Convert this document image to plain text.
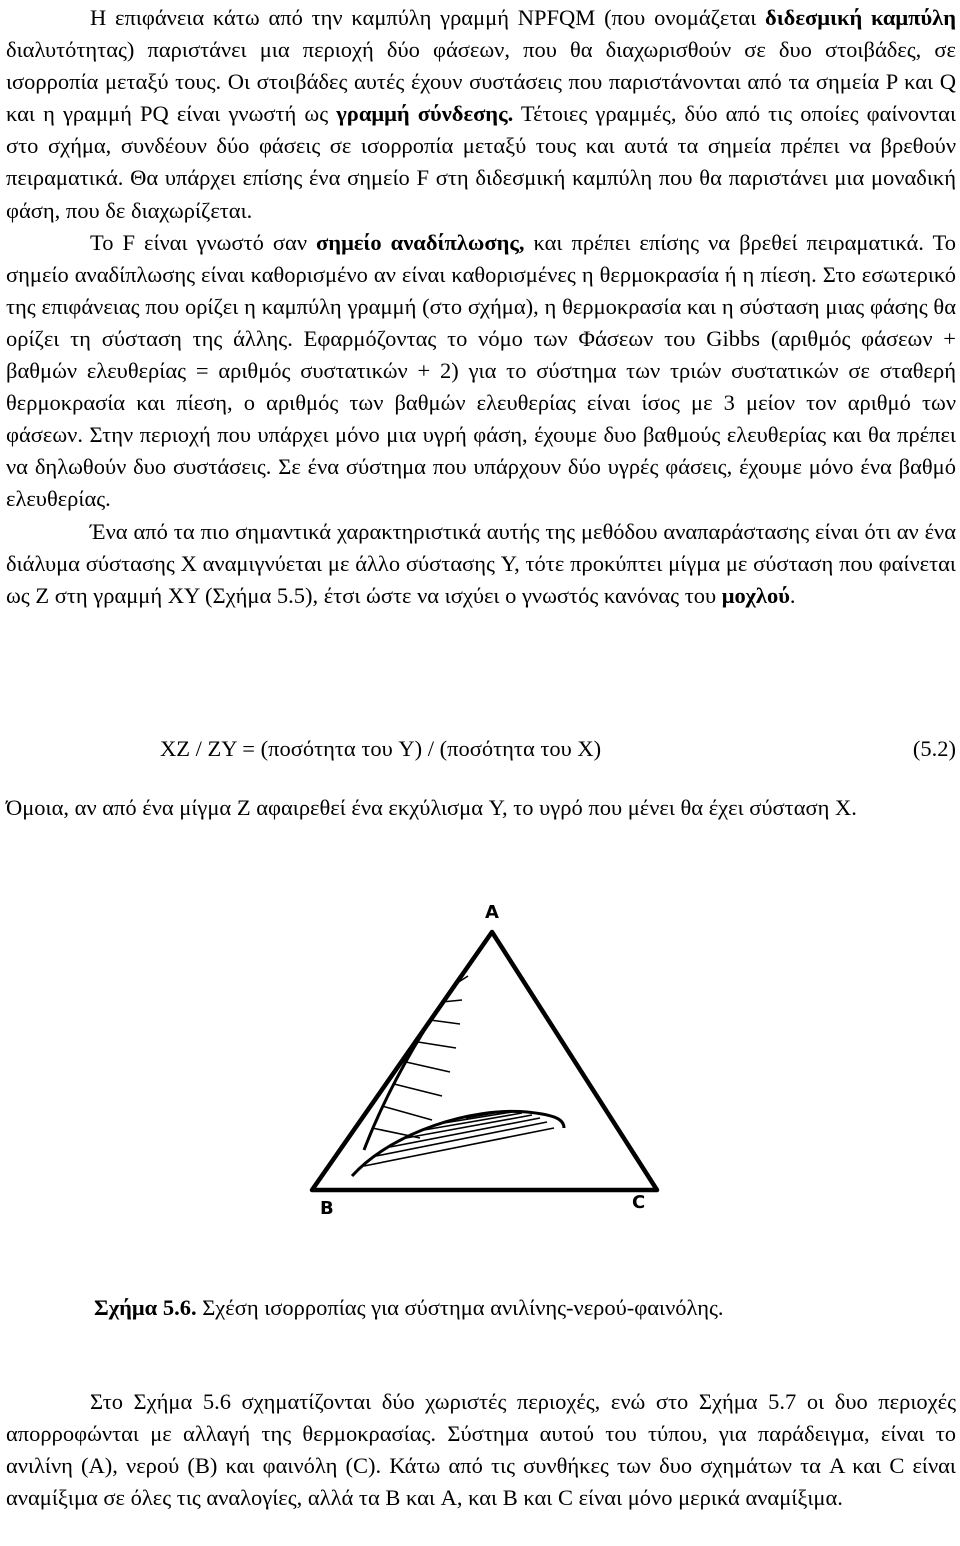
Η επιφάνεια κάτω από την καμπύλη γραμμή NPFQM (που ονομάζεται διδεσμική καμπύλη διαλυτότητας) παριστάνει μια περιοχή δύο φάσεων, που θα διαχωρισθούν σε δυο στοιβάδες, σε ισορροπία μεταξύ τους. Οι στοιβάδες αυτές έχουν συστάσεις που παριστάνονται από τα σημεία P και Q και η γραμμή PQ είναι γνωστή ως γραμμή σύνδεσης. Τέτοιες γραμμές, δύο από τις οποίες φαίνονται στο σχήμα, συνδέουν δύο φάσεις σε ισορροπία μεταξύ τους και αυτά τα σημεία πρέπει να βρεθούν πειραματικά. Θα υπάρχει επίσης ένα σημείο F στη διδεσμική καμπύλη που θα παριστάνει μια μοναδική φάση, που δε διαχωρίζεται.

Το F είναι γνωστό σαν σημείο αναδίπλωσης, και πρέπει επίσης να βρεθεί πειραματικά. Το σημείο αναδίπλωσης είναι καθορισμένο αν είναι καθορισμένες η θερμοκρασία ή η πίεση. Στο εσωτερικό της επιφάνειας που ορίζει η καμπύλη γραμμή (στο σχήμα), η θερμοκρασία και η σύσταση μιας φάσης θα ορίζει τη σύσταση της άλλης. Εφαρμόζοντας το νόμο των Φάσεων του Gibbs (αριθμός φάσεων + βαθμών ελευθερίας = αριθμός συστατικών + 2) για το σύστημα των τριών συστατικών σε σταθερή θερμοκρασία και πίεση, ο αριθμός των βαθμών ελευθερίας είναι ίσος με 3 μείον τον αριθμό των φάσεων. Στην περιοχή που υπάρχει μόνο μια υγρή φάση, έχουμε δυο βαθμούς ελευθερίας και θα πρέπει να δηλωθούν δυο συστάσεις. Σε ένα σύστημα που υπάρχουν δύο υγρές φάσεις, έχουμε μόνο ένα βαθμό ελευθερίας.

Ένα από τα πιο σημαντικά χαρακτηριστικά αυτής της μεθόδου αναπαράστασης είναι ότι αν ένα διάλυμα σύστασης X αναμιγνύεται με άλλο σύστασης Y, τότε προκύπτει μίγμα με σύσταση που φαίνεται ως Z στη γραμμή XY (Σχήμα 5.5), έτσι ώστε να ισχύει ο γνωστός κανόνας του μοχλού.

XZ / ZY = (ποσότητα του Y) / (ποσότητα του X)	(5.2)

Όμοια, αν από ένα μίγμα Z αφαιρεθεί ένα εκχύλισμα Y, το υγρό που μένει θα έχει σύσταση X.

A
B	C
Σχήμα 5.6. Σχέση ισορροπίας για σύστημα ανιλίνης-νερού-φαινόλης.

Στο Σχήμα 5.6 σχηματίζονται δύο χωριστές περιοχές, ενώ στο Σχήμα 5.7 οι δυο περιοχές απορροφώνται με αλλαγή της θερμοκρασίας. Σύστημα αυτού του τύπου, για παράδειγμα, είναι το ανιλίνη (A), νερού (B) και φαινόλη (C). Κάτω από τις συνθήκες των δυο σχημάτων τα A και C είναι αναμίξιμα σε όλες τις αναλογίες, αλλά τα B και A, και B και C είναι μόνο μερικά αναμίξιμα.
